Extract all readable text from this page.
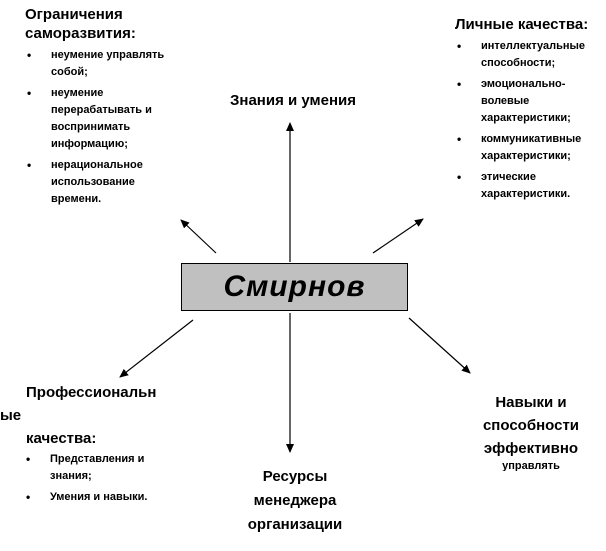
Смирнов
Знания и умения
Ограничения
саморазвития:
• неумение управлять собой;
• неумение перерабатывать и воспринимать информацию;
• нерациональное использование времени.
Личные качества:
• интеллектуальные способности;
• эмоционально-волевые характеристики;
• коммуникативные характеристики;
• этические характеристики.
Профессиональн
ые
качества:
• Представления и знания;
• Умения и навыки.
Ресурсы
менеджера
организации
Навыки и
способности
эффективно
управлять
